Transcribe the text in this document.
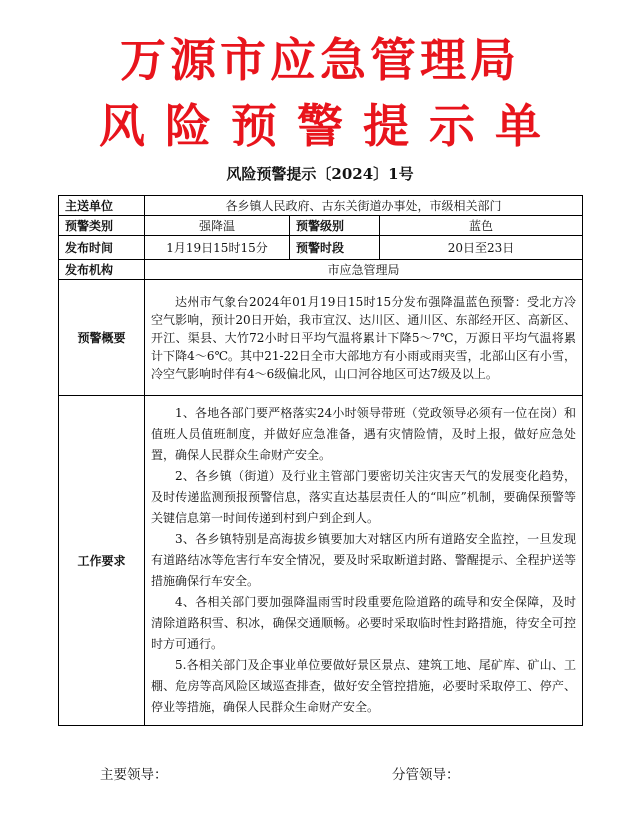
万源市应急管理局
风险预警提示单
风险预警提示〔2024〕1号
主送单位	各乡镇人民政府、古东关街道办事处，市级相关部门		
预警类别	强降温	预警级别	蓝色
发布时间	1月19日15时15分	预警时段	20日至23日
发布机构	市应急管理局		
预警概要	达州市气象台2024年01月19日15时15分发布强降温蓝色预警：受北方冷空气影响，预计20日开始，我市宣汉、达川区、通川区、东部经开区、高新区、开江、渠县、大竹72小时日平均气温将累计下降5～7℃，万源日平均气温将累计下降4～6℃。其中21-22日全市大部地方有小雨或雨夹雪，北部山区有小雪，冷空气影响时伴有4～6级偏北风，山口河谷地区可达7级及以上。		

工作要求	1、各地各部门要严格落实24小时领导带班（党政领导必须有一位在岗）和值班人员值班制度，并做好应急准备，遇有灾情险情，及时上报，做好应急处置，确保人民群众生命财产安全。

2、各乡镇（街道）及行业主管部门要密切关注灾害天气的发展变化趋势，及时传递监测预报预警信息，落实直达基层责任人的“叫应”机制，要确保预警等关键信息第一时间传递到村到户到企到人。

3、各乡镇特别是高海拔乡镇要加大对辖区内所有道路安全监控，一旦发现有道路结冰等危害行车安全情况，要及时采取断道封路、警醒提示、全程护送等措施确保行车安全。

4、各相关部门要加强降温雨雪时段重要危险道路的疏导和安全保障，及时清除道路积雪、积冰，确保交通顺畅。必要时采取临时性封路措施，待安全可控时方可通行。

5.各相关部门及企事业单位要做好景区景点、建筑工地、尾矿库、矿山、工棚、危房等高风险区域巡查排查，做好安全管控措施，必要时采取停工、停产、停业等措施，确保人民群众生命财产安全。		

主要领导：	分管领导：
